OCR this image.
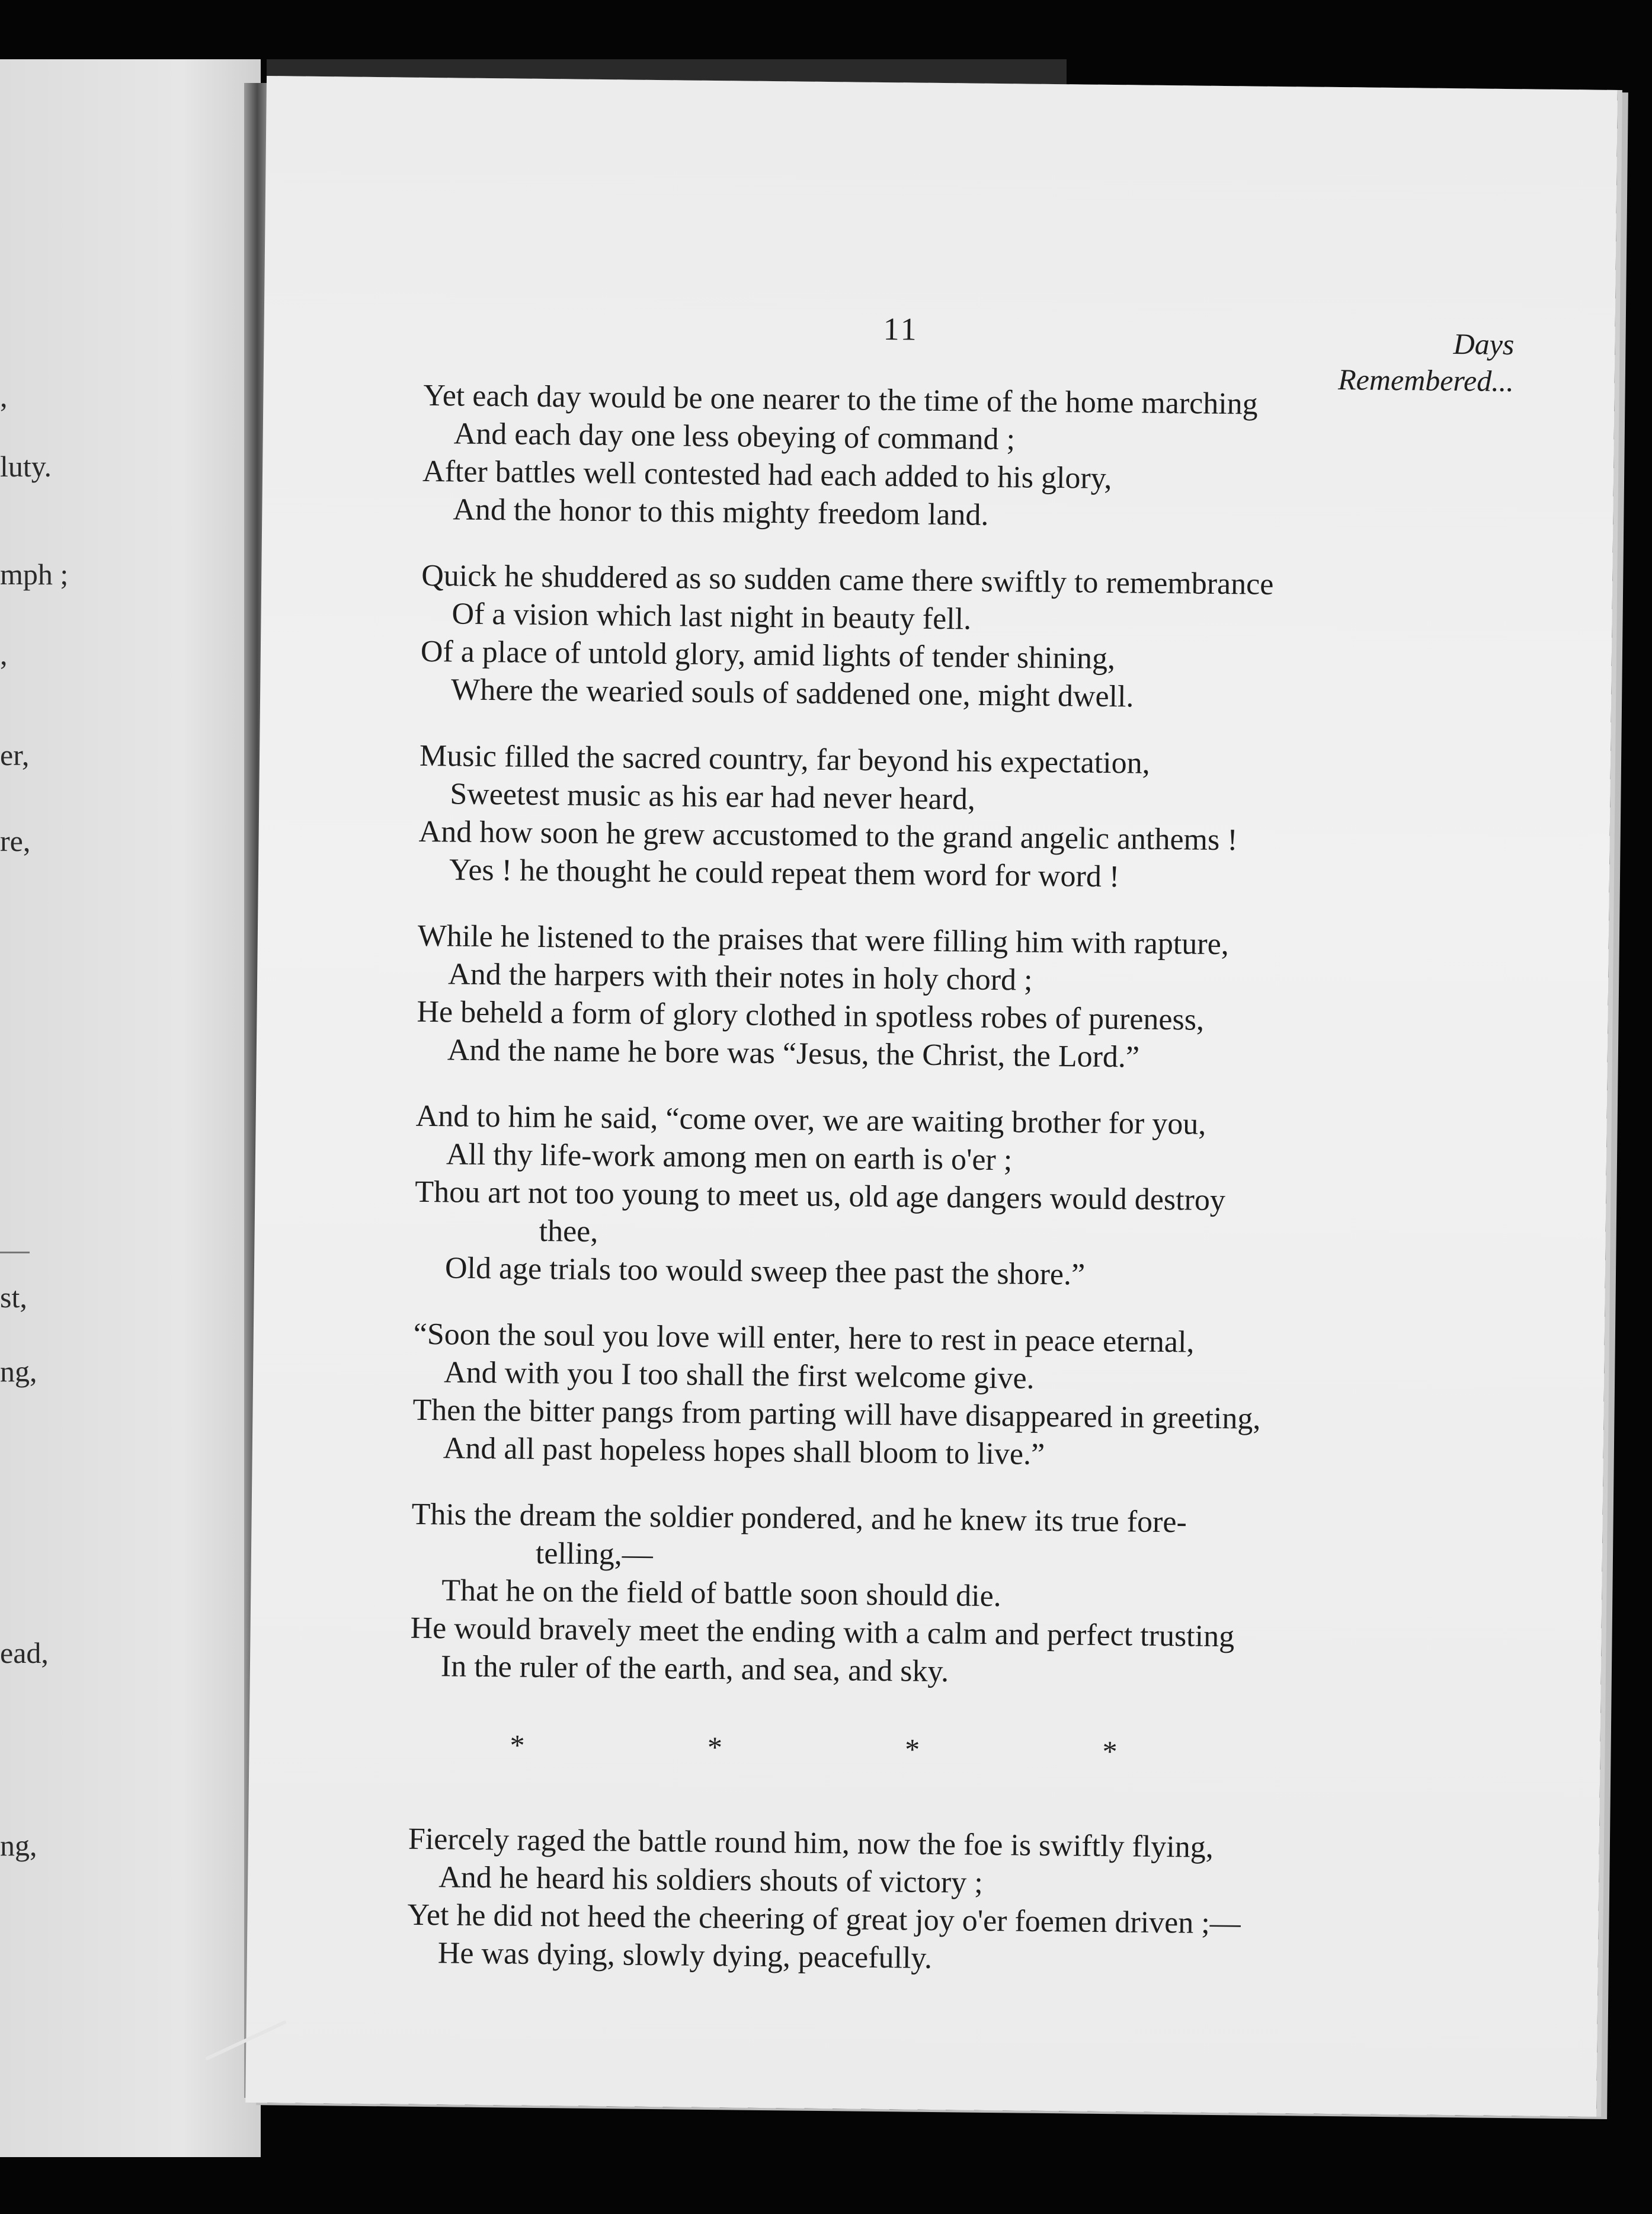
,
luty.
mph ;
,
er,
re,
st,
ng,
ead,
ng,
11	Days
Remembered...
Yet each day would be one nearer to the time of the home marching
And each day one less obeying of command ;
After battles well contested had each added to his glory,
And the honor to this mighty freedom land.
Quick he shuddered as so sudden came there swiftly to remembrance
Of a vision which last night in beauty fell.
Of a place of untold glory, amid lights of tender shining,
Where the wearied souls of saddened one, might dwell.
Music filled the sacred country, far beyond his expectation,
Sweetest music as his ear had never heard,
And how soon he grew accustomed to the grand angelic anthems !
Yes ! he thought he could repeat them word for word !
While he listened to the praises that were filling him with rapture,
And the harpers with their notes in holy chord ;
He beheld a form of glory clothed in spotless robes of pureness,
And the name he bore was “Jesus, the Christ, the Lord.”
And to him he said, “come over, we are waiting brother for you,
All thy life-work among men on earth is o'er ;
Thou art not too young to meet us, old age dangers would destroy
thee,
Old age trials too would sweep thee past the shore.”
“Soon the soul you love will enter, here to rest in peace eternal,
And with you I too shall the first welcome give.
Then the bitter pangs from parting will have disappeared in greeting,
And all past hopeless hopes shall bloom to live.”
This the dream the soldier pondered, and he knew its true fore-
telling,—
That he on the field of battle soon should die.
He would bravely meet the ending with a calm and perfect trusting
In the ruler of the earth, and sea, and sky.
*	*	*	*
Fiercely raged the battle round him, now the foe is swiftly flying,
And he heard his soldiers shouts of victory ;
Yet he did not heed the cheering of great joy o'er foemen driven ;—
He was dying, slowly dying, peacefully.
